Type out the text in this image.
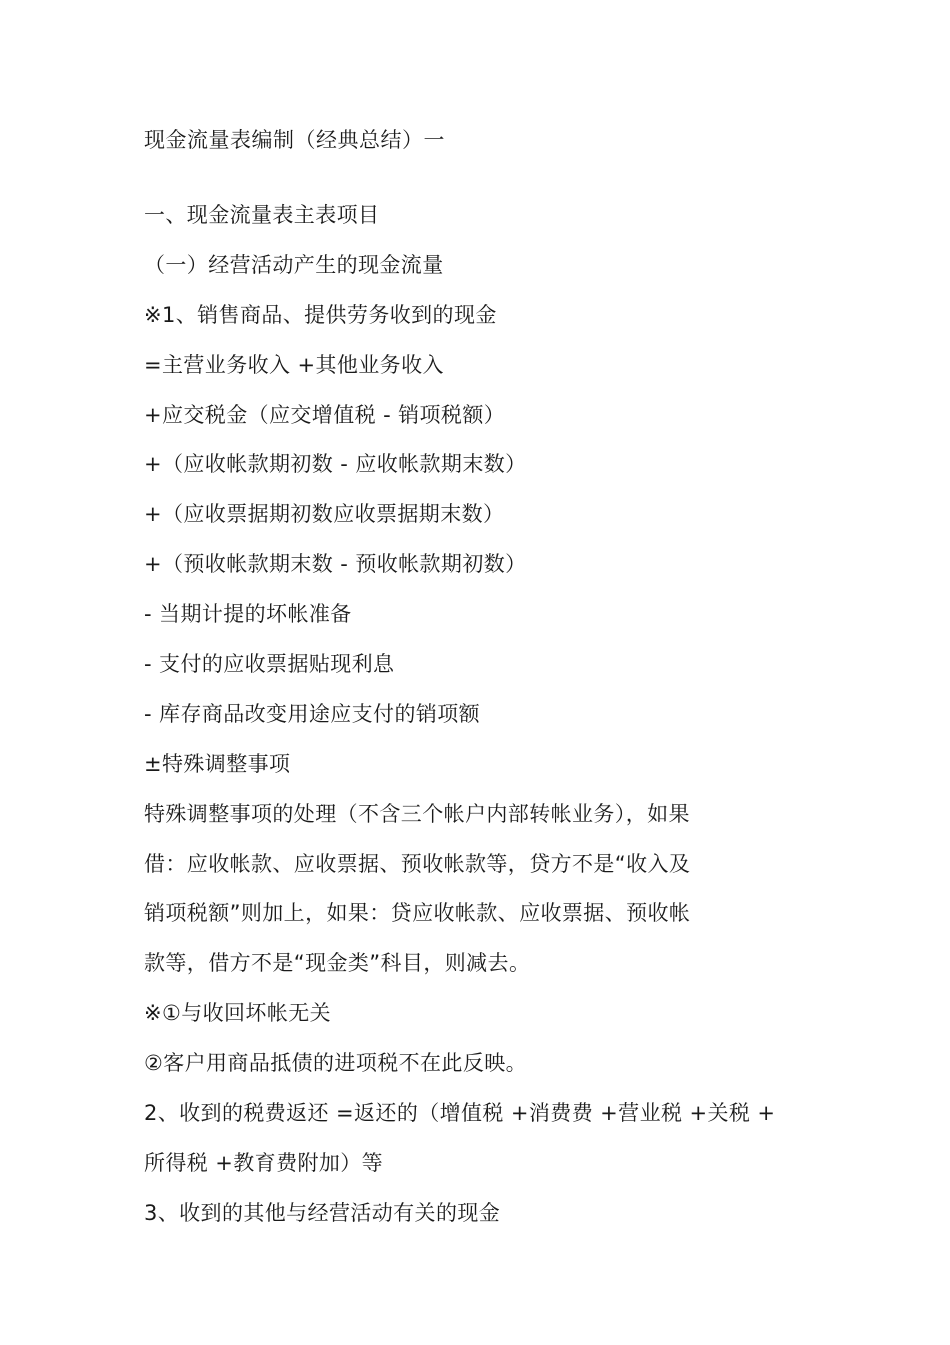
现金流量表编制（经典总结）一
一、现金流量表主表项目
（一）经营活动产生的现金流量
※1、销售商品、提供劳务收到的现金
=主营业务收入 +其他业务收入
+应交税金（应交增值税 - 销项税额）
+（应收帐款期初数 - 应收帐款期末数）
+（应收票据期初数应收票据期末数）
+（预收帐款期末数 - 预收帐款期初数）
- 当期计提的坏帐准备
- 支付的应收票据贴现利息
- 库存商品改变用途应支付的销项额
±特殊调整事项
特殊调整事项的处理（不含三个帐户内部转帐业务），如果
借：应收帐款、应收票据、预收帐款等，贷方不是“收入及
销项税额”则加上，如果：贷应收帐款、应收票据、预收帐
款等，借方不是“现金类”科目，则减去。
※①与收回坏帐无关
②客户用商品抵债的进项税不在此反映。
2、收到的税费返还 =返还的（增值税 +消费费 +营业税 +关税 +
所得税 +教育费附加）等
3、收到的其他与经营活动有关的现金
